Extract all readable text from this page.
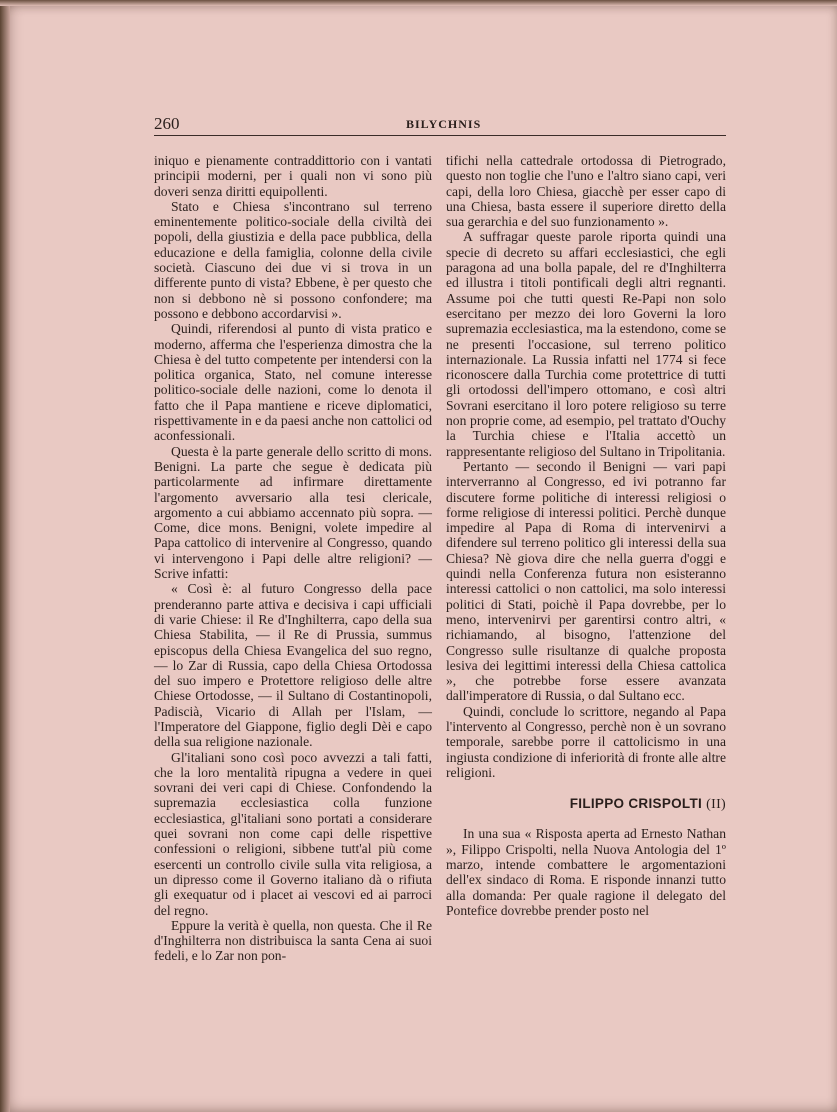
260	BILYCHNIS

iniquo e pienamente contraddittorio con i vantati principii moderni, per i quali non vi sono più doveri senza diritti equipollenti.

Stato e Chiesa s'incontrano sul terreno eminentemente politico-sociale della civiltà dei popoli, della giustizia e della pace pubblica, della educazione e della famiglia, colonne della civile società. Ciascuno dei due vi si trova in un differente punto di vista? Ebbene, è per questo che non si debbono nè si possono confondere; ma possono e debbono accordarvisi ».

Quindi, riferendosi al punto di vista pratico e moderno, afferma che l'esperienza dimostra che la Chiesa è del tutto competente per intendersi con la politica organica, Stato, nel comune interesse politico-sociale delle nazioni, come lo denota il fatto che il Papa mantiene e riceve diplomatici, rispettivamente in e da paesi anche non cattolici od aconfessionali.

Questa è la parte generale dello scritto di mons. Benigni. La parte che segue è dedicata più particolarmente ad infirmare direttamente l'argomento avversario alla tesi clericale, argomento a cui abbiamo accennato più sopra. — Come, dice mons. Benigni, volete impedire al Papa cattolico di intervenire al Congresso, quando vi intervengono i Papi delle altre religioni? — Scrive infatti:

« Così è: al futuro Congresso della pace prenderanno parte attiva e decisiva i capi ufficiali di varie Chiese: il Re d'Inghilterra, capo della sua Chiesa Stabilita, — il Re di Prussia, summus episcopus della Chiesa Evangelica del suo regno, — lo Zar di Russia, capo della Chiesa Ortodossa del suo impero e Protettore religioso delle altre Chiese Ortodosse, — il Sultano di Costantinopoli, Padiscià, Vicario di Allah per l'Islam, — l'Imperatore del Giappone, figlio degli Dèi e capo della sua religione nazionale.

Gl'italiani sono così poco avvezzi a tali fatti, che la loro mentalità ripugna a vedere in quei sovrani dei veri capi di Chiese. Confondendo la supremazia ecclesiastica colla funzione ecclesiastica, gl'italiani sono portati a considerare quei sovrani non come capi delle rispettive confessioni o religioni, sibbene tutt'al più come esercenti un controllo civile sulla vita religiosa, a un dipresso come il Governo italiano dà o rifiuta gli exequatur od i placet ai vescovi ed ai parroci del regno.

Eppure la verità è quella, non questa. Che il Re d'Inghilterra non distribuisca la santa Cena ai suoi fedeli, e lo Zar non pon-

tifichi nella cattedrale ortodossa di Pietrogrado, questo non toglie che l'uno e l'altro siano capi, veri capi, della loro Chiesa, giacchè per esser capo di una Chiesa, basta essere il superiore diretto della sua gerarchia e del suo funzionamento ».

A suffragar queste parole riporta quindi una specie di decreto su affari ecclesiastici, che egli paragona ad una bolla papale, del re d'Inghilterra ed illustra i titoli pontificali degli altri regnanti. Assume poi che tutti questi Re-Papi non solo esercitano per mezzo dei loro Governi la loro supremazia ecclesiastica, ma la estendono, come se ne presenti l'occasione, sul terreno politico internazionale. La Russia infatti nel 1774 si fece riconoscere dalla Turchia come protettrice di tutti gli ortodossi dell'impero ottomano, e così altri Sovrani esercitano il loro potere religioso su terre non proprie come, ad esempio, pel trattato d'Ouchy la Turchia chiese e l'Italia accettò un rappresentante religioso del Sultano in Tripolitania.

Pertanto — secondo il Benigni — vari papi interverranno al Congresso, ed ivi potranno far discutere forme politiche di interessi religiosi o forme religiose di interessi politici. Perchè dunque impedire al Papa di Roma di intervenirvi a difendere sul terreno politico gli interessi della sua Chiesa? Nè giova dire che nella guerra d'oggi e quindi nella Conferenza futura non esisteranno interessi cattolici o non cattolici, ma solo interessi politici di Stati, poichè il Papa dovrebbe, per lo meno, intervenirvi per garentirsi contro altri, « richiamando, al bisogno, l'attenzione del Congresso sulle risultanze di qualche proposta lesiva dei legittimi interessi della Chiesa cattolica », che potrebbe forse essere avanzata dall'imperatore di Russia, o dal Sultano ecc.

Quindi, conclude lo scrittore, negando al Papa l'intervento al Congresso, perchè non è un sovrano temporale, sarebbe porre il cattolicismo in una ingiusta condizione di inferiorità di fronte alle altre religioni.

FILIPPO CRISPOLTI (II)

In una sua « Risposta aperta ad Ernesto Nathan », Filippo Crispolti, nella Nuova Antologia del 1º marzo, intende combattere le argomentazioni dell'ex sindaco di Roma. E risponde innanzi tutto alla domanda: Per quale ragione il delegato del Pontefice dovrebbe prender posto nel
